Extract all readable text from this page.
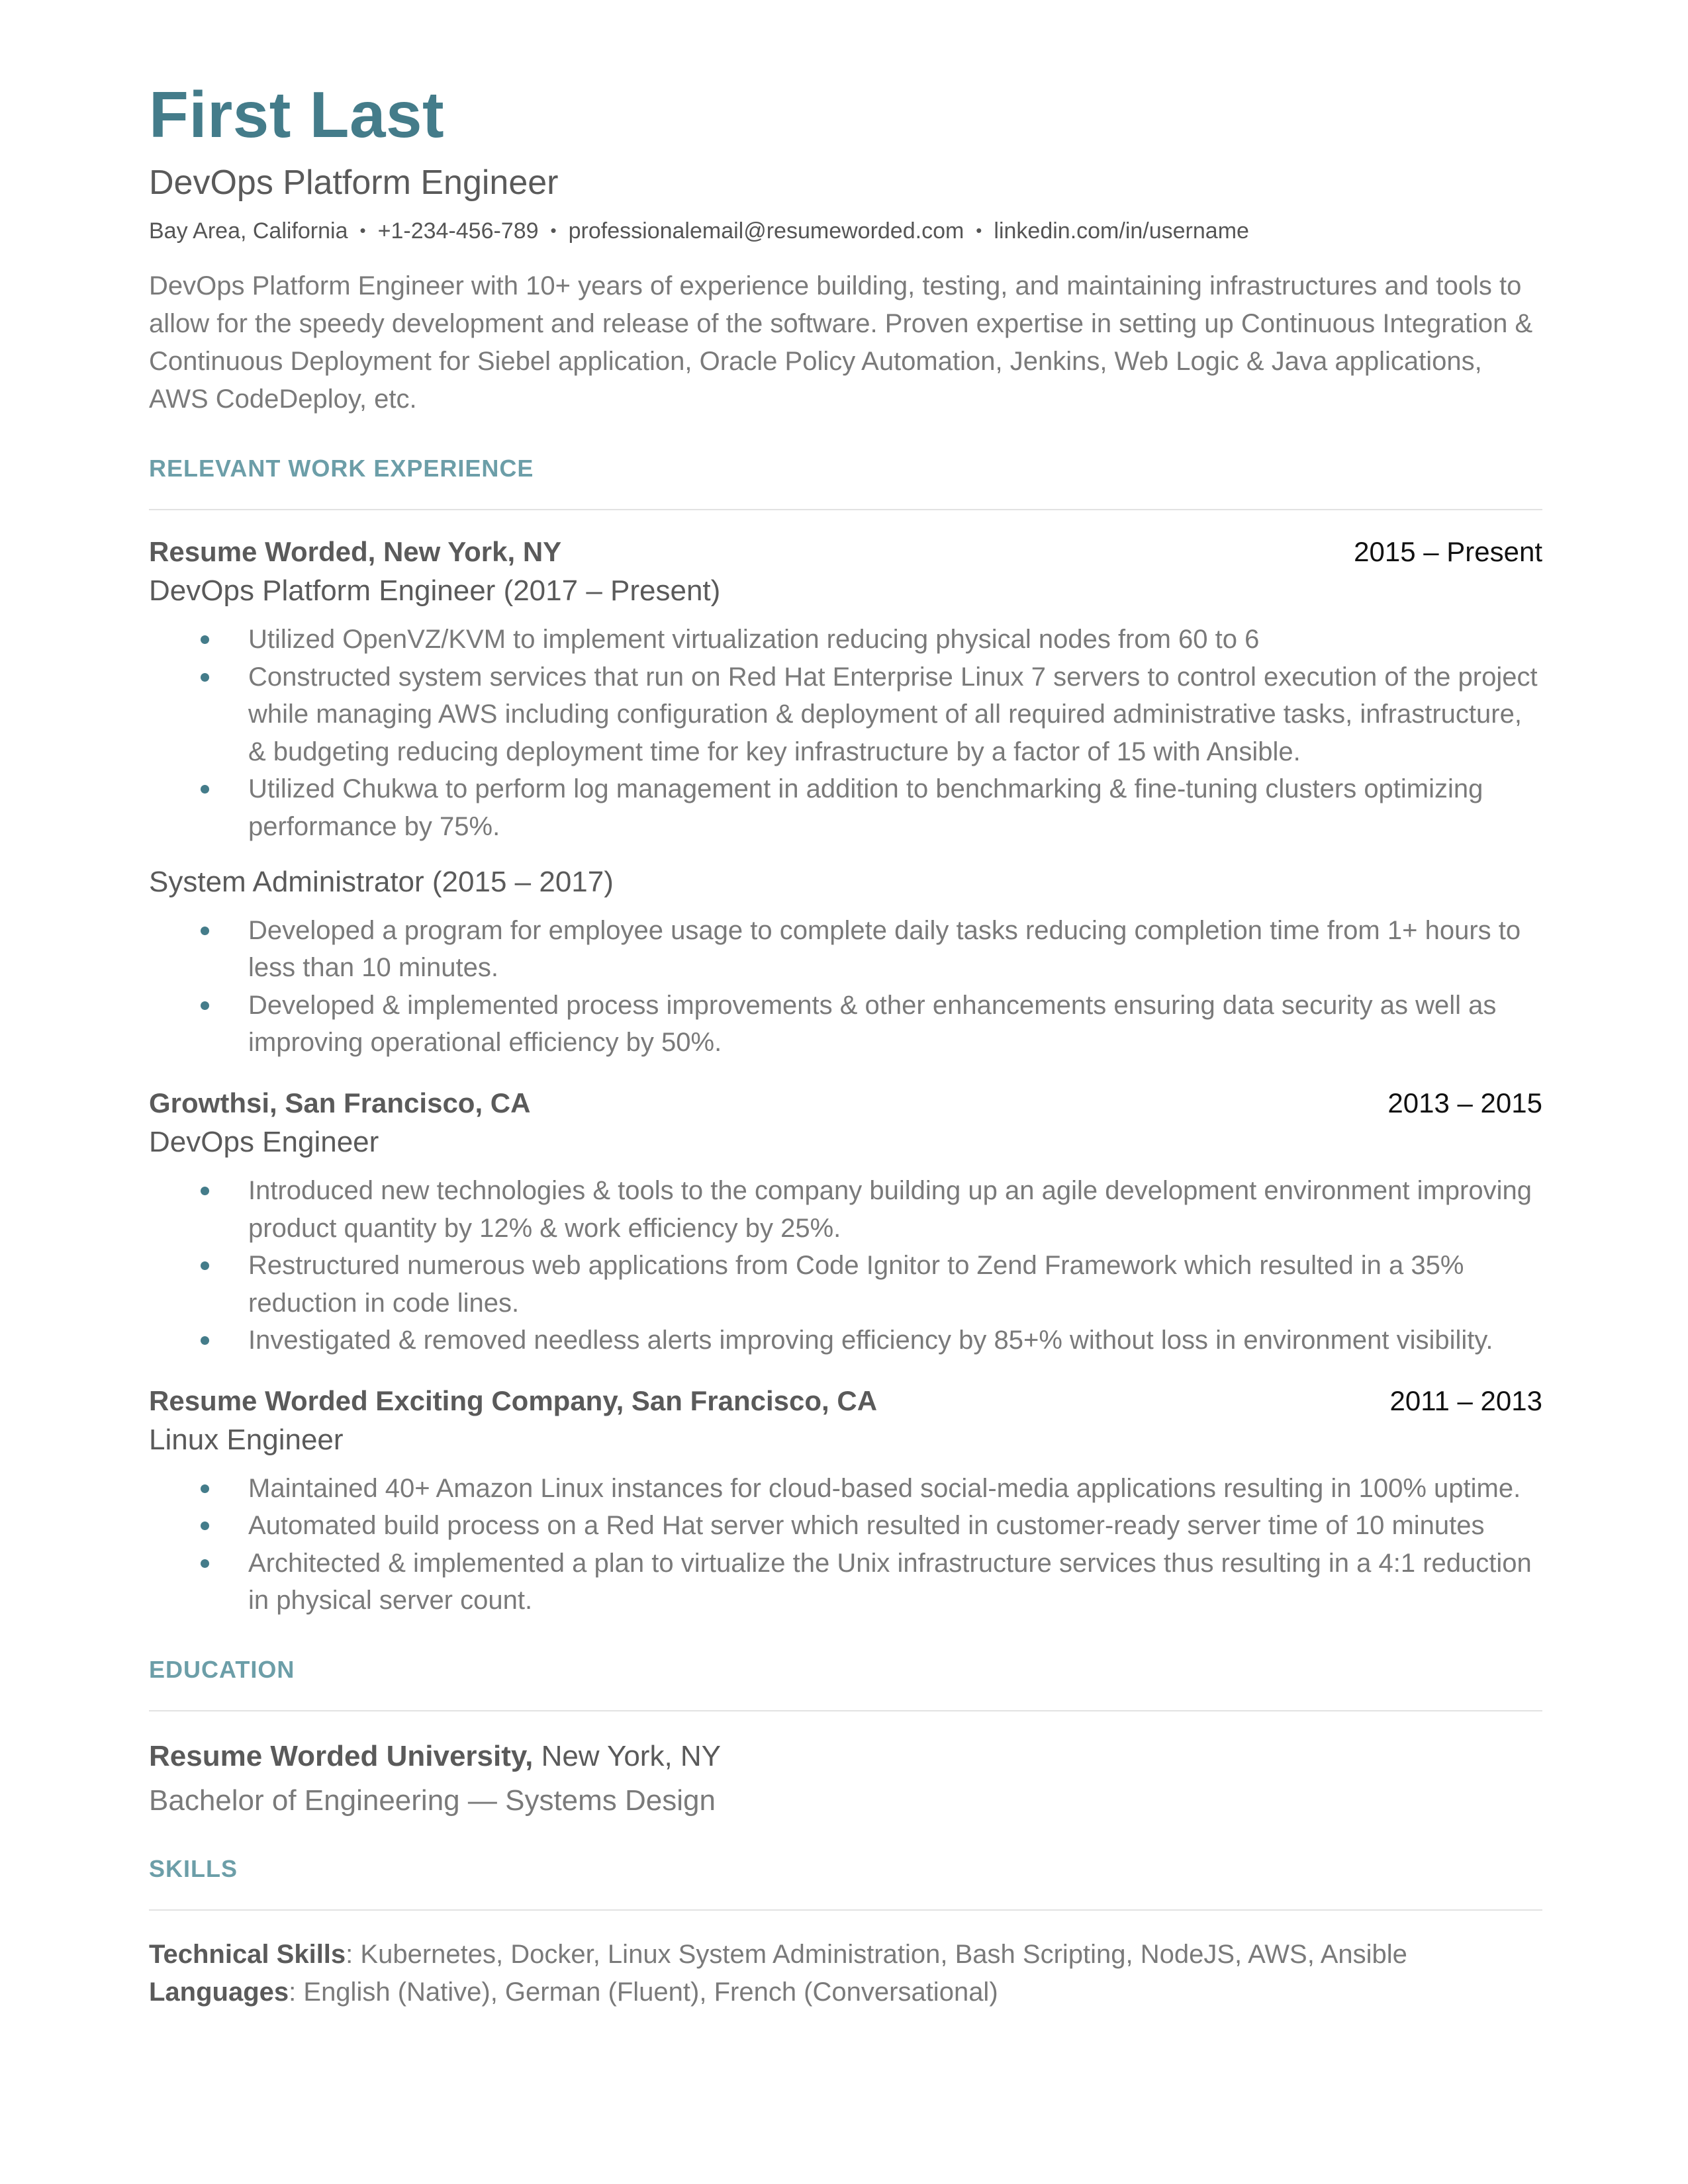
First Last
DevOps Platform Engineer
Bay Area, California • +1-234-456-789 • professionalemail@resumeworded.com • linkedin.com/in/username
DevOps Platform Engineer with 10+ years of experience building, testing, and maintaining infrastructures and tools to allow for the speedy development and release of the software. Proven expertise in setting up Continuous Integration & Continuous Deployment for Siebel application, Oracle Policy Automation, Jenkins, Web Logic & Java applications, AWS CodeDeploy, etc.
RELEVANT WORK EXPERIENCE
Resume Worded, New York, NY	2015 – Present
DevOps Platform Engineer (2017 – Present)
Utilized OpenVZ/KVM to implement virtualization reducing physical nodes from 60 to 6
Constructed system services that run on Red Hat Enterprise Linux 7 servers to control execution of the project while managing AWS including configuration & deployment of all required administrative tasks, infrastructure, & budgeting reducing deployment time for key infrastructure by a factor of 15 with Ansible.
Utilized Chukwa to perform log management in addition to benchmarking & fine-tuning clusters optimizing performance by 75%.
System Administrator (2015 – 2017)
Developed a program for employee usage to complete daily tasks reducing completion time from 1+ hours to less than 10 minutes.
Developed & implemented process improvements & other enhancements ensuring data security as well as improving operational efficiency by 50%.
Growthsi, San Francisco, CA	2013 – 2015
DevOps Engineer
Introduced new technologies & tools to the company building up an agile development environment improving product quantity by 12% & work efficiency by 25%.
Restructured numerous web applications from Code Ignitor to Zend Framework which resulted in a 35% reduction in code lines.
Investigated & removed needless alerts improving efficiency by 85+% without loss in environment visibility.
Resume Worded Exciting Company, San Francisco, CA	2011 – 2013
Linux Engineer
Maintained 40+ Amazon Linux instances for cloud-based social-media applications resulting in 100% uptime.
Automated build process on a Red Hat server which resulted in customer-ready server time of 10 minutes
Architected & implemented a plan to virtualize the Unix infrastructure services thus resulting in a 4:1 reduction in physical server count.
EDUCATION
Resume Worded University, New York, NY
Bachelor of Engineering — Systems Design
SKILLS
Technical Skills: Kubernetes, Docker, Linux System Administration, Bash Scripting, NodeJS, AWS, Ansible
Languages: English (Native), German (Fluent), French (Conversational)
